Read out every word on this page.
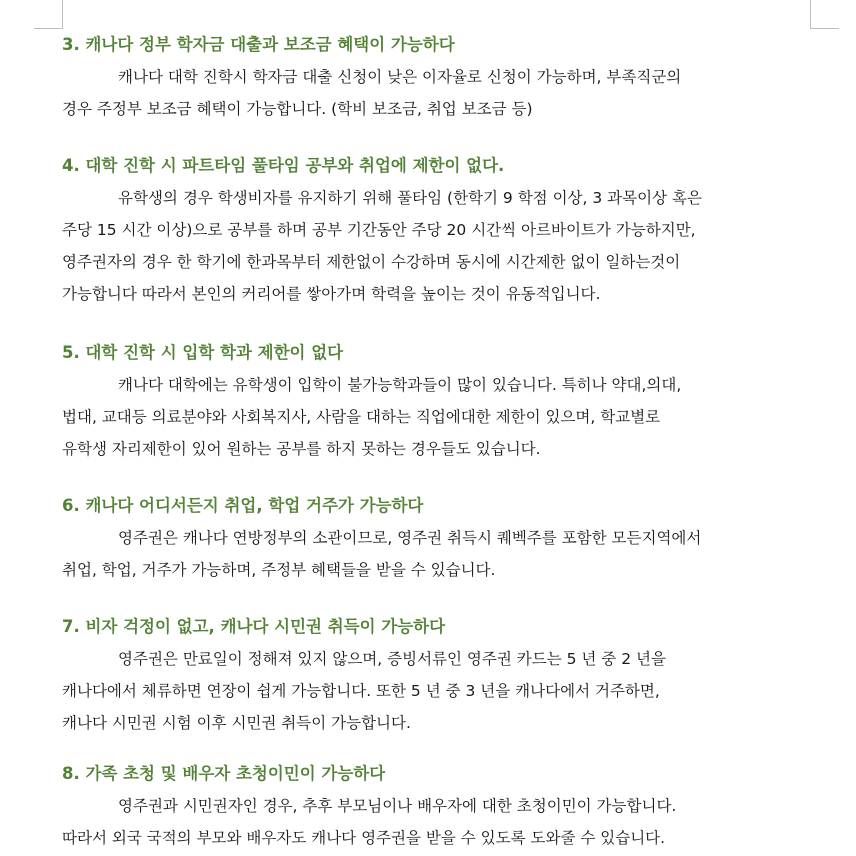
3. 캐나다 정부 학자금 대출과 보조금 혜택이 가능하다
캐나다 대학 진학시 학자금 대출 신청이 낮은 이자율로 신청이 가능하며, 부족직군의
경우 주정부 보조금 혜택이 가능합니다. (학비 보조금, 취업 보조금 등)
4. 대학 진학 시 파트타임 풀타임 공부와 취업에 제한이 없다.
유학생의 경우 학생비자를 유지하기 위해 풀타임 (한학기 9 학점 이상, 3 과목이상 혹은
주당 15 시간 이상)으로 공부를 하며 공부 기간동안 주당 20 시간씩 아르바이트가 가능하지만,
영주권자의 경우 한 학기에 한과목부터 제한없이 수강하며 동시에 시간제한 없이 일하는것이
가능합니다 따라서 본인의 커리어를 쌓아가며 학력을 높이는 것이 유동적입니다.
5. 대학 진학 시 입학 학과 제한이 없다
캐나다 대학에는 유학생이 입학이 불가능학과들이 많이 있습니다. 특히나 약대,의대,
법대, 교대등 의료분야와 사회복지사, 사람을 대하는 직업에대한 제한이 있으며, 학교별로
유학생 자리제한이 있어 원하는 공부를 하지 못하는 경우들도 있습니다.
6. 캐나다 어디서든지 취업, 학업 거주가 가능하다
영주권은 캐나다 연방정부의 소관이므로, 영주권 취득시 퀘벡주를 포함한 모든지역에서
취업, 학업, 거주가 가능하며, 주정부 혜택들을 받을 수 있습니다.
7. 비자 걱정이 없고, 캐나다 시민권 취득이 가능하다
영주권은 만료일이 정해져 있지 않으며, 증빙서류인 영주권 카드는 5 년 중 2 년을
캐나다에서 체류하면 연장이 쉽게 가능합니다. 또한 5 년 중 3 년을 캐나다에서 거주하면,
캐나다 시민권 시험 이후 시민권 취득이 가능합니다.
8. 가족 초청 및 배우자 초청이민이 가능하다
영주권과 시민권자인 경우, 추후 부모님이나 배우자에 대한 초청이민이 가능합니다.
따라서 외국 국적의 부모와 배우자도 캐나다 영주권을 받을 수 있도록 도와줄 수 있습니다.
